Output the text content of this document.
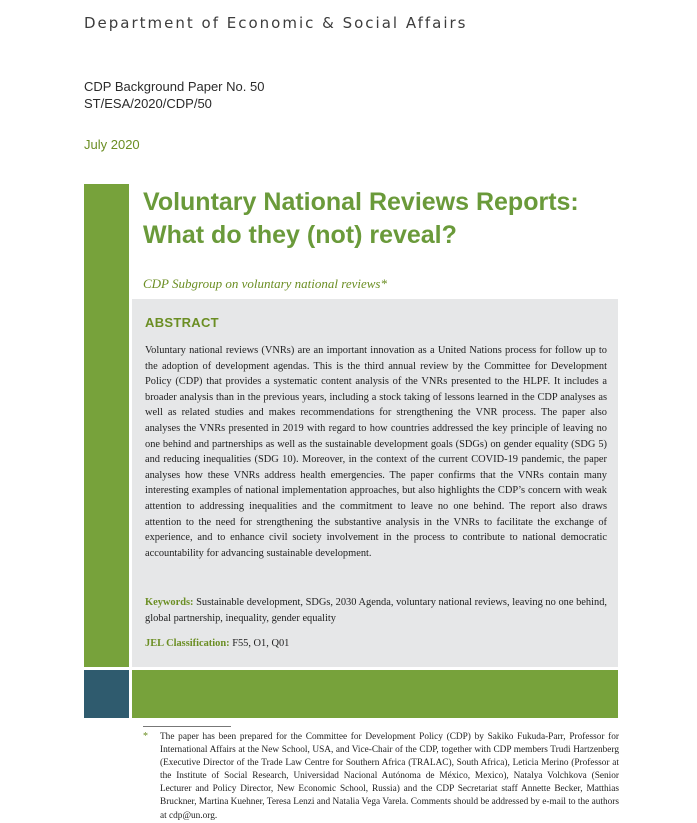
Department of Economic & Social Affairs
CDP Background Paper No. 50
ST/ESA/2020/CDP/50
July 2020
Voluntary National Reviews Reports:
What do they (not) reveal?
CDP Subgroup on voluntary national reviews*
ABSTRACT

Voluntary national reviews (VNRs) are an important innovation as a United Nations process for follow up to the adoption of development agendas. This is the third annual review by the Committee for Development Policy (CDP) that provides a systematic content analysis of the VNRs presented to the HLPF. It includes a broader analysis than in the previous years, including a stock taking of lessons learned in the CDP analyses as well as related studies and makes recommendations for strengthening the VNR process. The paper also analyses the VNRs presented in 2019 with regard to how countries addressed the key principle of leaving no one behind and partnerships as well as the sustainable development goals (SDGs) on gender equality (SDG 5) and reducing inequalities (SDG 10). Moreover, in the context of the current COVID-19 pandemic, the paper analyses how these VNRs address health emergencies. The paper confirms that the VNRs contain many interesting examples of national implementation approaches, but also highlights the CDP’s concern with weak attention to addressing inequalities and the commitment to leave no one behind. The report also draws attention to the need for strengthening the substantive analysis in the VNRs to facilitate the exchange of experience, and to enhance civil society involvement in the process to contribute to national democratic accountability for advancing sustainable development.

Keywords: Sustainable development, SDGs, 2030 Agenda, voluntary national reviews, leaving no one behind, global partnership, inequality, gender equality

JEL Classification: F55, O1, Q01

* The paper has been prepared for the Committee for Development Policy (CDP) by Sakiko Fukuda-Parr, Professor for International Affairs at the New School, USA, and Vice-Chair of the CDP, together with CDP members Trudi Hartzenberg (Executive Director of the Trade Law Centre for Southern Africa (TRALAC), South Africa), Leticia Merino (Professor at the Institute of Social Research, Universidad Nacional Autónoma de México, Mexico), Natalya Volchkova (Senior Lecturer and Policy Director, New Economic School, Russia) and the CDP Secretariat staff Annette Becker, Matthias Bruckner, Martina Kuehner, Teresa Lenzi and Natalia Vega Varela. Comments should be addressed by e-mail to the authors at cdp@un.org.
